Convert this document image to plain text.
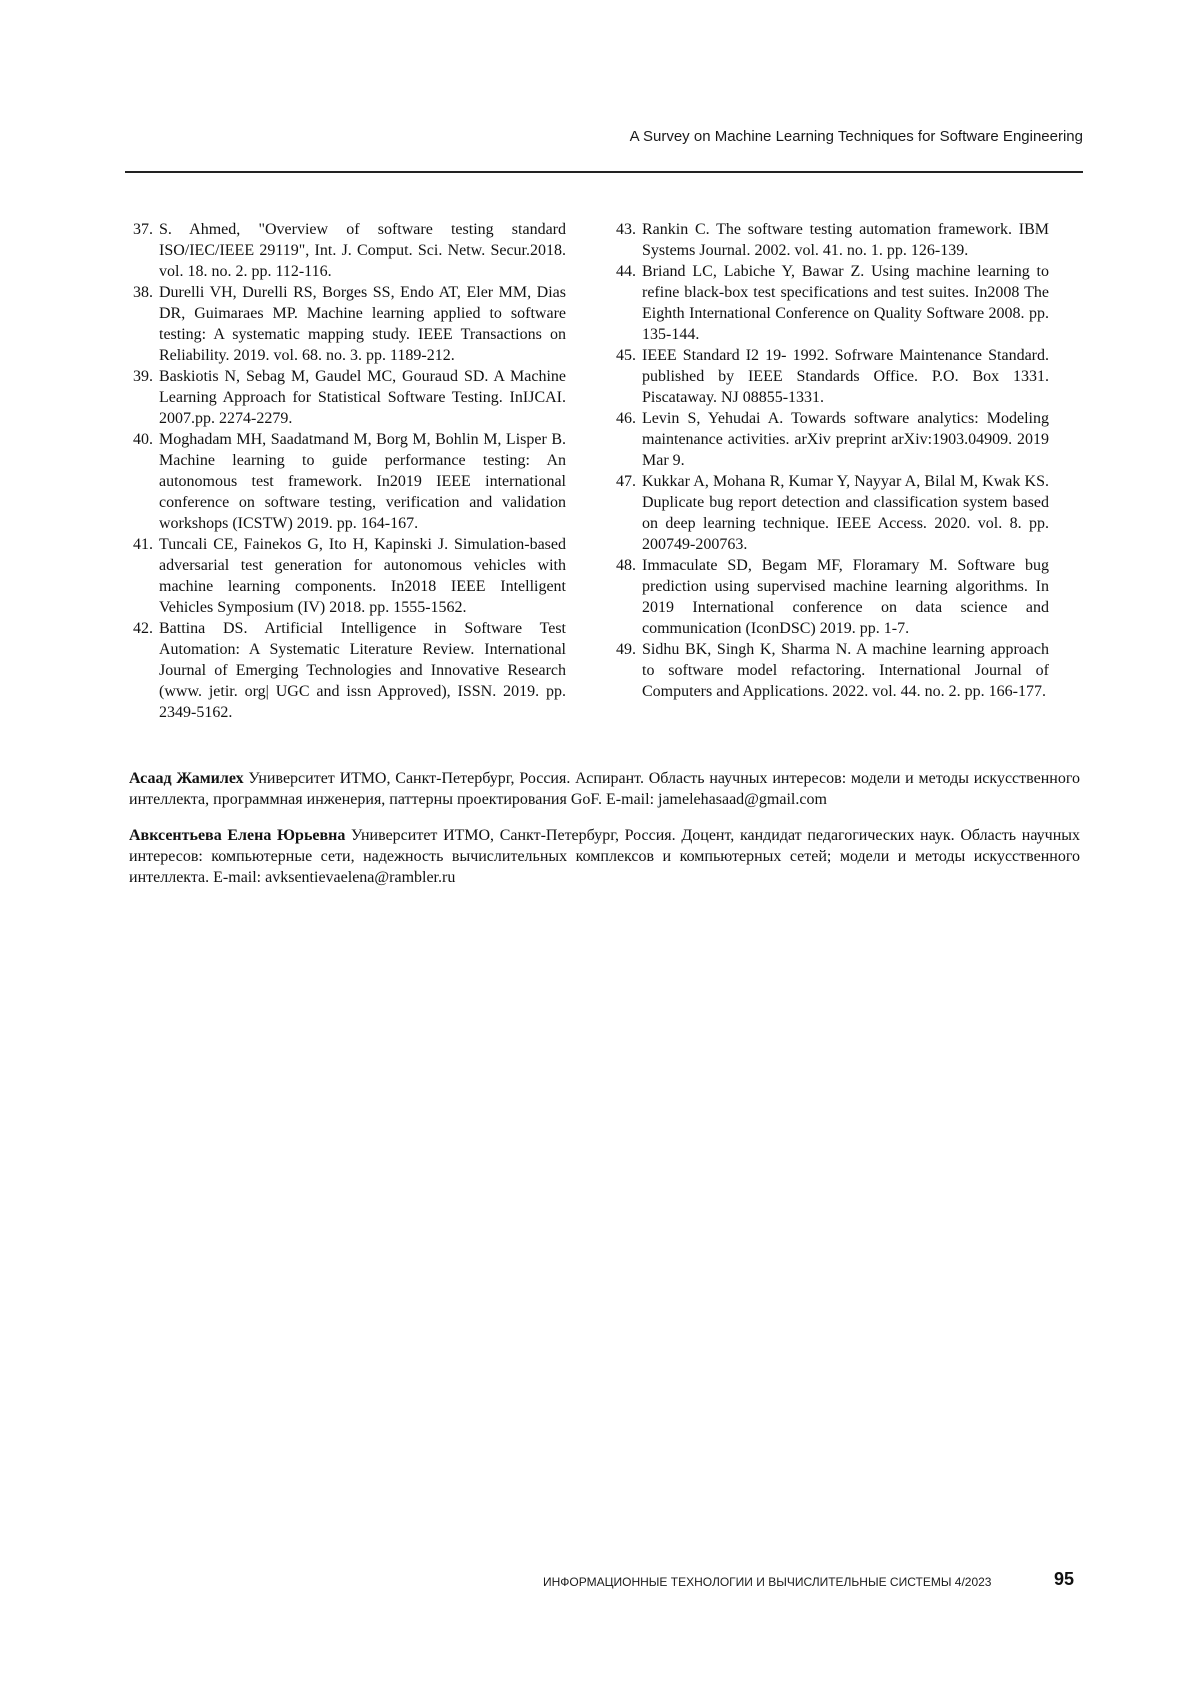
A Survey on Machine Learning Techniques for Software Engineering
37. S. Ahmed, "Overview of software testing standard ISO/IEC/IEEE 29119", Int. J. Comput. Sci. Netw. Secur.2018. vol. 18. no. 2. pp. 112-116.
38. Durelli VH, Durelli RS, Borges SS, Endo AT, Eler MM, Dias DR, Guimaraes MP. Machine learning applied to software testing: A systematic mapping study. IEEE Transactions on Reliability. 2019. vol. 68. no. 3. pp. 1189-212.
39. Baskiotis N, Sebag M, Gaudel MC, Gouraud SD. A Machine Learning Approach for Statistical Software Testing. InIJCAI. 2007.pp. 2274-2279.
40. Moghadam MH, Saadatmand M, Borg M, Bohlin M, Lisper B. Machine learning to guide performance testing: An autonomous test framework. In2019 IEEE international conference on software testing, verification and validation workshops (ICSTW) 2019. pp. 164-167.
41. Tuncali CE, Fainekos G, Ito H, Kapinski J. Simulation-based adversarial test generation for autonomous vehicles with machine learning components. In2018 IEEE Intelligent Vehicles Symposium (IV) 2018. pp. 1555-1562.
42. Battina DS. Artificial Intelligence in Software Test Automation: A Systematic Literature Review. International Journal of Emerging Technologies and Innovative Research (www. jetir. org| UGC and issn Approved), ISSN. 2019. pp. 2349-5162.
43. Rankin C. The software testing automation framework. IBM Systems Journal. 2002. vol. 41. no. 1. pp. 126-139.
44. Briand LC, Labiche Y, Bawar Z. Using machine learning to refine black-box test specifications and test suites. In2008 The Eighth International Conference on Quality Software 2008. pp. 135-144.
45. IEEE Standard I2 19- 1992. Sofrware Maintenance Standard. published by IEEE Standards Office. P.O. Box 1331. Piscataway. NJ 08855-1331.
46. Levin S, Yehudai A. Towards software analytics: Modeling maintenance activities. arXiv preprint arXiv:1903.04909. 2019 Mar 9.
47. Kukkar A, Mohana R, Kumar Y, Nayyar A, Bilal M, Kwak KS. Duplicate bug report detection and classification system based on deep learning technique. IEEE Access. 2020. vol. 8. pp. 200749-200763.
48. Immaculate SD, Begam MF, Floramary M. Software bug prediction using supervised machine learning algorithms. In 2019 International conference on data science and communication (IconDSC) 2019. pp. 1-7.
49. Sidhu BK, Singh K, Sharma N. A machine learning approach to software model refactoring. International Journal of Computers and Applications. 2022. vol. 44. no. 2. pp. 166-177.

Асаад Жамилех Университет ИТМО, Санкт-Петербург, Россия. Аспирант. Область научных интересов: модели и методы искусственного интеллекта, программная инженерия, паттерны проектирования GoF. E-mail: jamelehasaad@gmail.com

Авксентьева Елена Юрьевна Университет ИТМО, Санкт-Петербург, Россия. Доцент, кандидат педагогических наук. Область научных интересов: компьютерные сети, надежность вычислительных комплексов и компьютерных сетей; модели и методы искусственного интеллекта. E-mail: avksentievaelena@rambler.ru

ИНФОРМАЦИОННЫЕ ТЕХНОЛОГИИ И ВЫЧИСЛИТЕЛЬНЫЕ СИСТЕМЫ 4/2023	95
